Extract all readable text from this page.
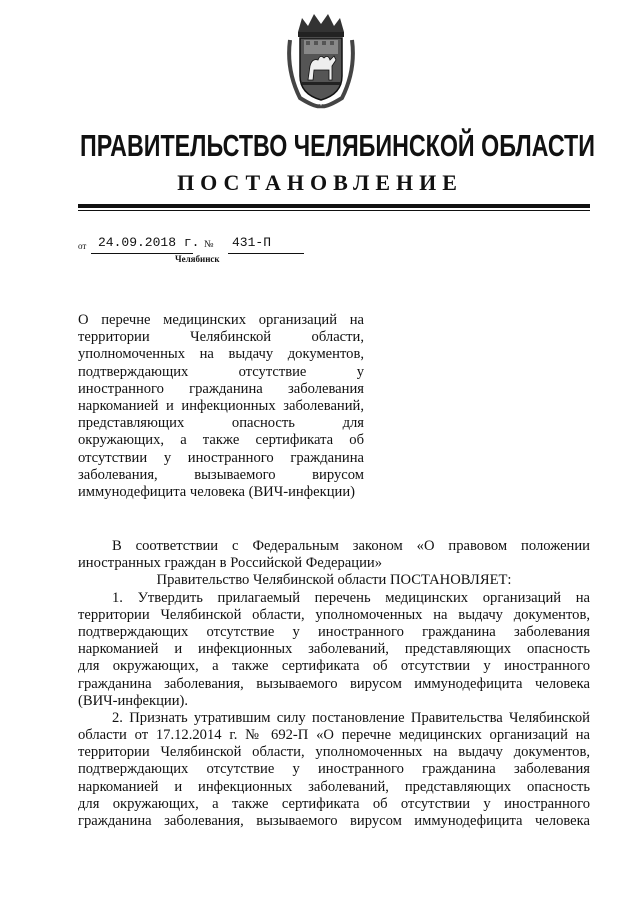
ПРАВИТЕЛЬСТВО ЧЕЛЯБИНСКОЙ ОБЛАСТИ
ПОСТАНОВЛЕНИЕ
от 24.09.2018 г. № 431-П
Челябинск
О перечне медицинских организаций на
территории Челябинской области,
уполномоченных на выдачу документов,
подтверждающих отсутствие у
иностранного гражданина заболевания
наркоманией и инфекционных заболеваний,
представляющих опасность для
окружающих, а также сертификата об
отсутствии у иностранного гражданина
заболевания, вызываемого вирусом
иммунодефицита человека (ВИЧ-инфекции)
В соответствии с Федеральным законом «О правовом положении
иностранных граждан в Российской Федерации»
Правительство Челябинской области ПОСТАНОВЛЯЕТ:
1. Утвердить прилагаемый перечень медицинских организаций на
территории Челябинской области, уполномоченных на выдачу документов,
подтверждающих отсутствие у иностранного гражданина заболевания
наркоманией и инфекционных заболеваний, представляющих опасность
для окружающих, а также сертификата об отсутствии у иностранного
гражданина заболевания, вызываемого вирусом иммунодефицита человека
(ВИЧ-инфекции).
2. Признать утратившим силу постановление Правительства Челябинской
области от 17.12.2014 г. № 692-П «О перечне медицинских организаций на
территории Челябинской области, уполномоченных на выдачу документов,
подтверждающих отсутствие у иностранного гражданина заболевания
наркоманией и инфекционных заболеваний, представляющих опасность
для окружающих, а также сертификата об отсутствии у иностранного
гражданина заболевания, вызываемого вирусом иммунодефицита человека
